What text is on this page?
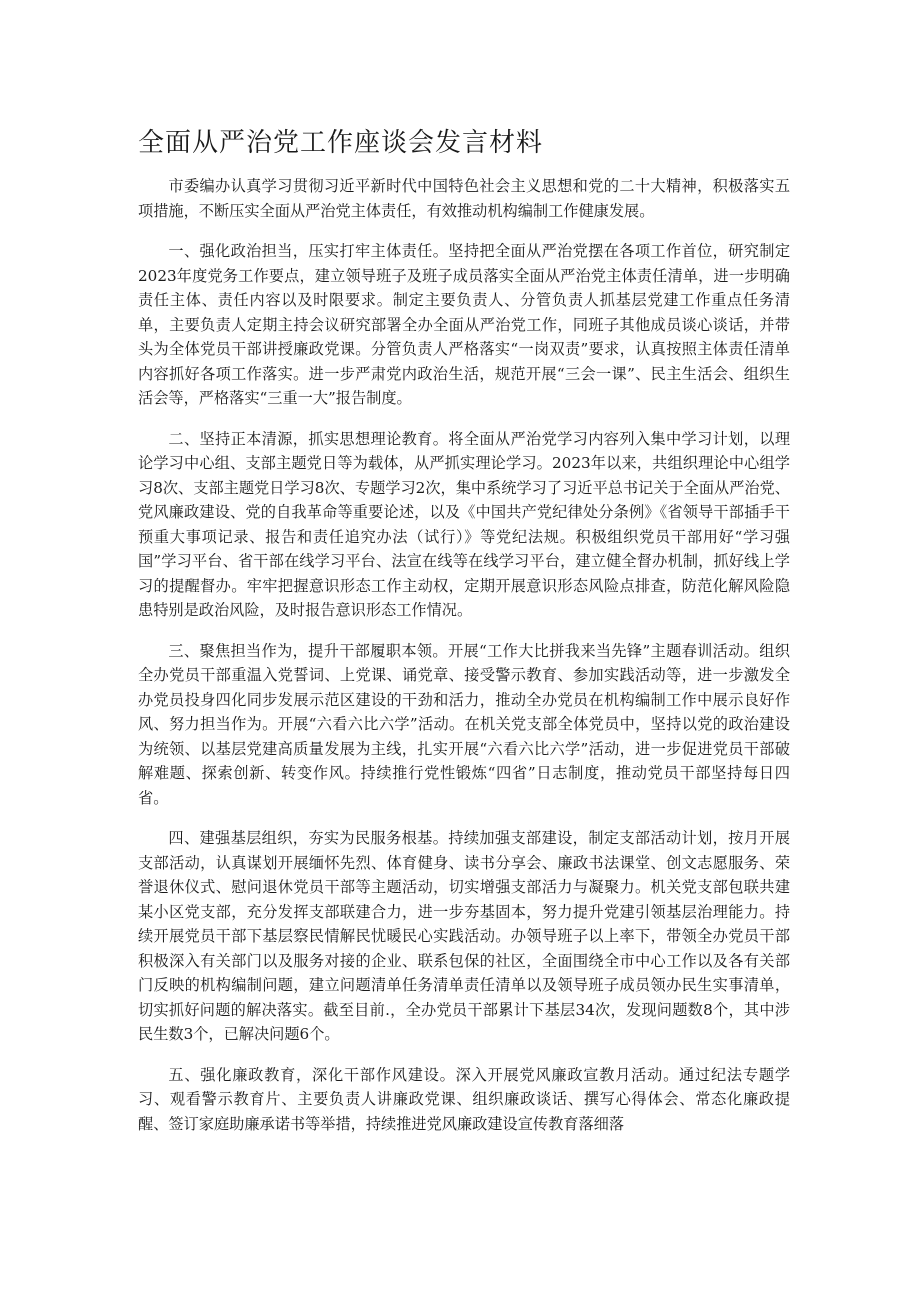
全面从严治党工作座谈会发言材料

市委编办认真学习贯彻习近平新时代中国特色社会主义思想和党的二十大精神，积极落实五项措施，不断压实全面从严治党主体责任，有效推动机构编制工作健康发展。

一、强化政治担当，压实打牢主体责任。坚持把全面从严治党摆在各项工作首位，研究制定2023年度党务工作要点，建立领导班子及班子成员落实全面从严治党主体责任清单，进一步明确责任主体、责任内容以及时限要求。制定主要负责人、分管负责人抓基层党建工作重点任务清单，主要负责人定期主持会议研究部署全办全面从严治党工作，同班子其他成员谈心谈话，并带头为全体党员干部讲授廉政党课。分管负责人严格落实“一岗双责”要求，认真按照主体责任清单内容抓好各项工作落实。进一步严肃党内政治生活，规范开展“三会一课”、民主生活会、组织生活会等，严格落实“三重一大”报告制度。

二、坚持正本清源，抓实思想理论教育。将全面从严治党学习内容列入集中学习计划，以理论学习中心组、支部主题党日等为载体，从严抓实理论学习。2023年以来，共组织理论中心组学习8次、支部主题党日学习8次、专题学习2次，集中系统学习了习近平总书记关于全面从严治党、党风廉政建设、党的自我革命等重要论述，以及《中国共产党纪律处分条例》《省领导干部插手干预重大事项记录、报告和责任追究办法（试行）》等党纪法规。积极组织党员干部用好“学习强国”学习平台、省干部在线学习平台、法宣在线等在线学习平台，建立健全督办机制，抓好线上学习的提醒督办。牢牢把握意识形态工作主动权，定期开展意识形态风险点排查，防范化解风险隐患特别是政治风险，及时报告意识形态工作情况。

三、聚焦担当作为，提升干部履职本领。开展“工作大比拼我来当先锋”主题春训活动。组织全办党员干部重温入党誓词、上党课、诵党章、接受警示教育、参加实践活动等，进一步激发全办党员投身四化同步发展示范区建设的干劲和活力，推动全办党员在机构编制工作中展示良好作风、努力担当作为。开展“六看六比六学”活动。在机关党支部全体党员中，坚持以党的政治建设为统领、以基层党建高质量发展为主线，扎实开展“六看六比六学”活动，进一步促进党员干部破解难题、探索创新、转变作风。持续推行党性锻炼“四省”日志制度，推动党员干部坚持每日四省。

四、建强基层组织，夯实为民服务根基。持续加强支部建设，制定支部活动计划，按月开展支部活动，认真谋划开展缅怀先烈、体育健身、读书分享会、廉政书法课堂、创文志愿服务、荣誉退休仪式、慰问退休党员干部等主题活动，切实增强支部活力与凝聚力。机关党支部包联共建某小区党支部，充分发挥支部联建合力，进一步夯基固本，努力提升党建引领基层治理能力。持续开展党员干部下基层察民情解民忧暖民心实践活动。办领导班子以上率下，带领全办党员干部积极深入有关部门以及服务对接的企业、联系包保的社区，全面围绕全市中心工作以及各有关部门反映的机构编制问题，建立问题清单任务清单责任清单以及领导班子成员领办民生实事清单，切实抓好问题的解决落实。截至目前.，全办党员干部累计下基层34次，发现问题数8个，其中涉民生数3个，已解决问题6个。

五、强化廉政教育，深化干部作风建设。深入开展党风廉政宣教月活动。通过纪法专题学习、观看警示教育片、主要负责人讲廉政党课、组织廉政谈话、撰写心得体会、常态化廉政提醒、签订家庭助廉承诺书等举措，持续推进党风廉政建设宣传教育落细落
